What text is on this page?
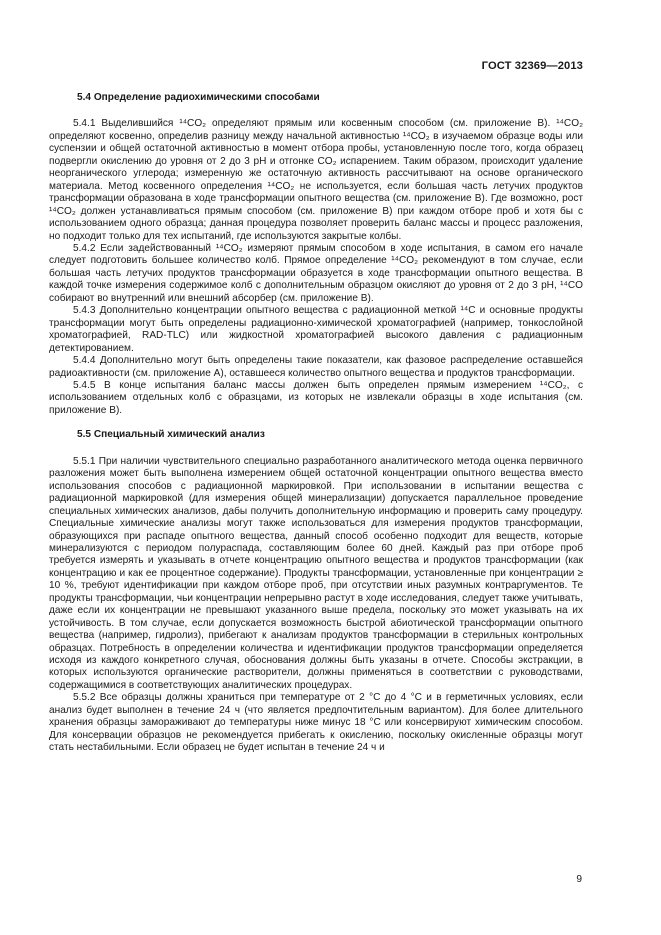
ГОСТ 32369—2013
5.4 Определение радиохимическими способами

5.4.1 Выделившийся ¹⁴CO₂ определяют прямым или косвенным способом (см. приложение В). ¹⁴CO₂ определяют косвенно, определив разницу между начальной активностью ¹⁴CO₂ в изучаемом образце воды или суспензии и общей остаточной активностью в момент отбора пробы, установленную после того, когда образец подвергли окислению до уровня от 2 до 3 рН и отгонке CO₂ испарением. Таким образом, происходит удаление неорганического углерода; измеренную же остаточную активность рассчитывают на основе органического материала. Метод косвенного определения ¹⁴CO₂ не используется, если большая часть летучих продуктов трансформации образована в ходе трансформации опытного вещества (см. приложение В). Где возможно, рост ¹⁴CO₂ должен устанавливаться прямым способом (см. приложение В) при каждом отборе проб и хотя бы с использованием одного образца; данная процедура позволяет проверить баланс массы и процесс разложения, но подходит только для тех испытаний, где используются закрытые колбы.

5.4.2 Если задействованный ¹⁴CO₂ измеряют прямым способом в ходе испытания, в самом его начале следует подготовить большее количество колб. Прямое определение ¹⁴CO₂ рекомендуют в том случае, если большая часть летучих продуктов трансформации образуется в ходе трансформации опытного вещества. В каждой точке измерения содержимое колб с дополнительным образцом окисляют до уровня от 2 до 3 рН, ¹⁴CO собирают во внутренний или внешний абсорбер (см. приложение В).

5.4.3 Дополнительно концентрации опытного вещества с радиационной меткой ¹⁴C и основные продукты трансформации могут быть определены радиационно-химической хроматографией (например, тонкослойной хроматографией, RAD-TLC) или жидкостной хроматографией высокого давления с радиационным детектированием.

5.4.4 Дополнительно могут быть определены такие показатели, как фазовое распределение оставшейся радиоактивности (см. приложение А), оставшееся количество опытного вещества и продуктов трансформации.

5.4.5 В конце испытания баланс массы должен быть определен прямым измерением ¹⁴CO₂, с использованием отдельных колб с образцами, из которых не извлекали образцы в ходе испытания (см. приложение В).

5.5 Специальный химический анализ

5.5.1 При наличии чувствительного специально разработанного аналитического метода оценка первичного разложения может быть выполнена измерением общей остаточной концентрации опытного вещества вместо использования способов с радиационной маркировкой. При использовании в испытании вещества с радиационной маркировкой (для измерения общей минерализации) допускается параллельное проведение специальных химических анализов, дабы получить дополнительную информацию и проверить саму процедуру. Специальные химические анализы могут также использоваться для измерения продуктов трансформации, образующихся при распаде опытного вещества, данный способ особенно подходит для веществ, которые минерализуются с периодом полураспада, составляющим более 60 дней. Каждый раз при отборе проб требуется измерять и указывать в отчете концентрацию опытного вещества и продуктов трансформации (как концентрацию и как ее процентное содержание). Продукты трансформации, установленные при концентрации ≥ 10 %, требуют идентификации при каждом отборе проб, при отсутствии иных разумных контраргументов. Те продукты трансформации, чьи концентрации непрерывно растут в ходе исследования, следует также учитывать, даже если их концентрации не превышают указанного выше предела, поскольку это может указывать на их устойчивость. В том случае, если допускается возможность быстрой абиотической трансформации опытного вещества (например, гидролиз), прибегают к анализам продуктов трансформации в стерильных контрольных образцах. Потребность в определении количества и идентификации продуктов трансформации определяется исходя из каждого конкретного случая, обоснования должны быть указаны в отчете. Способы экстракции, в которых используются органические растворители, должны применяться в соответствии с руководствами, содержащимися в соответствующих аналитических процедурах.

5.5.2 Все образцы должны храниться при температуре от 2 °С до 4 °С и в герметичных условиях, если анализ будет выполнен в течение 24 ч (что является предпочтительным вариантом). Для более длительного хранения образцы замораживают до температуры ниже минус 18 °С или консервируют химическим способом. Для консервации образцов не рекомендуется прибегать к окислению, поскольку окисленные образцы могут стать нестабильными. Если образец не будет испытан в течение 24 ч и

9
